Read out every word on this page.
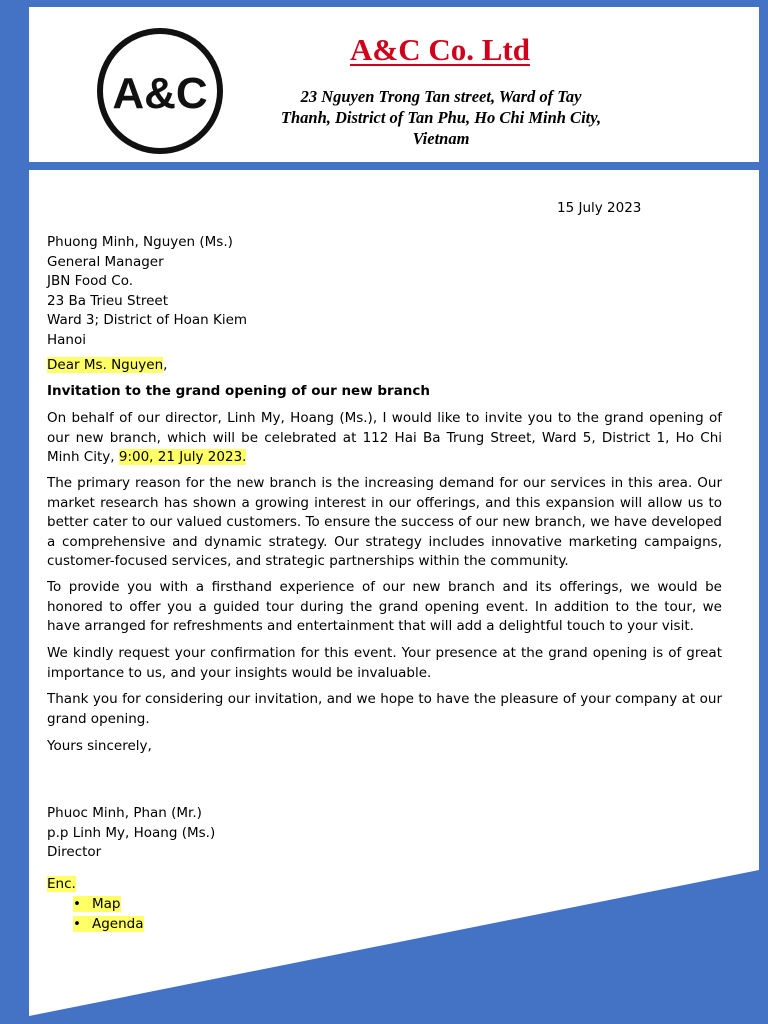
A&C
A&C Co. Ltd
23 Nguyen Trong Tan street, Ward of Tay
Thanh, District of Tan Phu, Ho Chi Minh City,
Vietnam
15 July 2023
Phuong Minh, Nguyen (Ms.)
General Manager
JBN Food Co.
23 Ba Trieu Street
Ward 3; District of Hoan Kiem
Hanoi
Dear Ms. Nguyen,
Invitation to the grand opening of our new branch
On behalf of our director, Linh My, Hoang (Ms.), I would like to invite you to the grand opening of our new branch, which will be celebrated at 112 Hai Ba Trung Street, Ward 5, District 1, Ho Chi Minh City, 9:00, 21 July 2023.
The primary reason for the new branch is the increasing demand for our services in this area. Our market research has shown a growing interest in our offerings, and this expansion will allow us to better cater to our valued customers. To ensure the success of our new branch, we have developed a comprehensive and dynamic strategy. Our strategy includes innovative marketing campaigns, customer-focused services, and strategic partnerships within the community.
To provide you with a firsthand experience of our new branch and its offerings, we would be honored to offer you a guided tour during the grand opening event. In addition to the tour, we have arranged for refreshments and entertainment that will add a delightful touch to your visit.
We kindly request your confirmation for this event. Your presence at the grand opening is of great importance to us, and your insights would be invaluable.
Thank you for considering our invitation, and we hope to have the pleasure of your company at our grand opening.
Yours sincerely,
Phuoc Minh, Phan (Mr.)
p.p Linh My, Hoang (Ms.)
Director
Enc.
• Map
• Agenda
